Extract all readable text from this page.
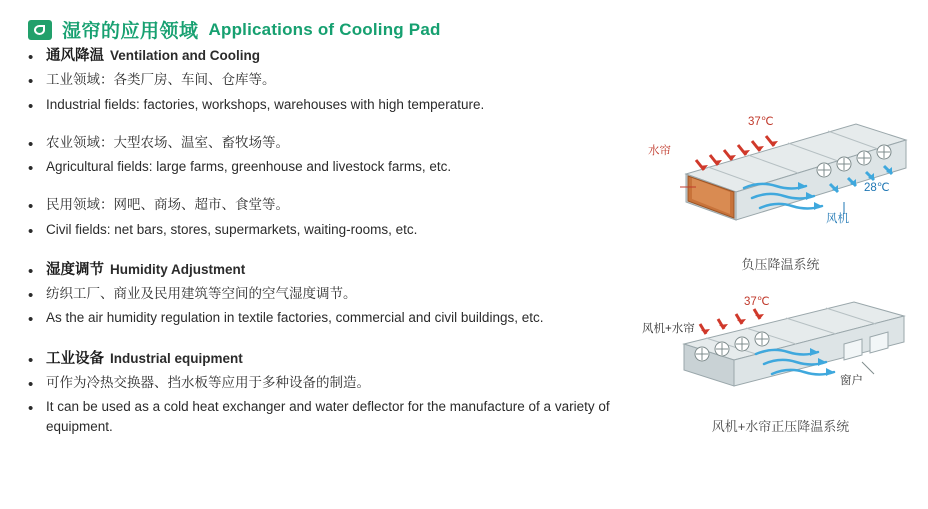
湿帘的应用领域 Applications of Cooling Pad
•
通风降温 Ventilation and Cooling
•
工业领域：各类厂房、车间、仓库等。
•
Industrial fields: factories, workshops, warehouses with high temperature.
•
农业领域：大型农场、温室、畜牧场等。
•
Agricultural fields: large farms, greenhouse and livestock farms, etc.
•
民用领域：网吧、商场、超市、食堂等。
•
Civil fields: net bars, stores, supermarkets, waiting-rooms, etc.
•
湿度调节 Humidity Adjustment
•
纺织工厂、商业及民用建筑等空间的空气湿度调节。
•
As the air humidity regulation in textile factories, commercial and civil buildings, etc.
•
工业设备 Industrial equipment
•
可作为冷热交换器、挡水板等应用于多种设备的制造。
•
It can be used as a cold heat exchanger and water deflector for the manufacture of a variety of equipment.
37℃
水帘
28℃
风机
负压降温系统
37℃
风机+水帘
窗户
风机+水帘正压降温系统
